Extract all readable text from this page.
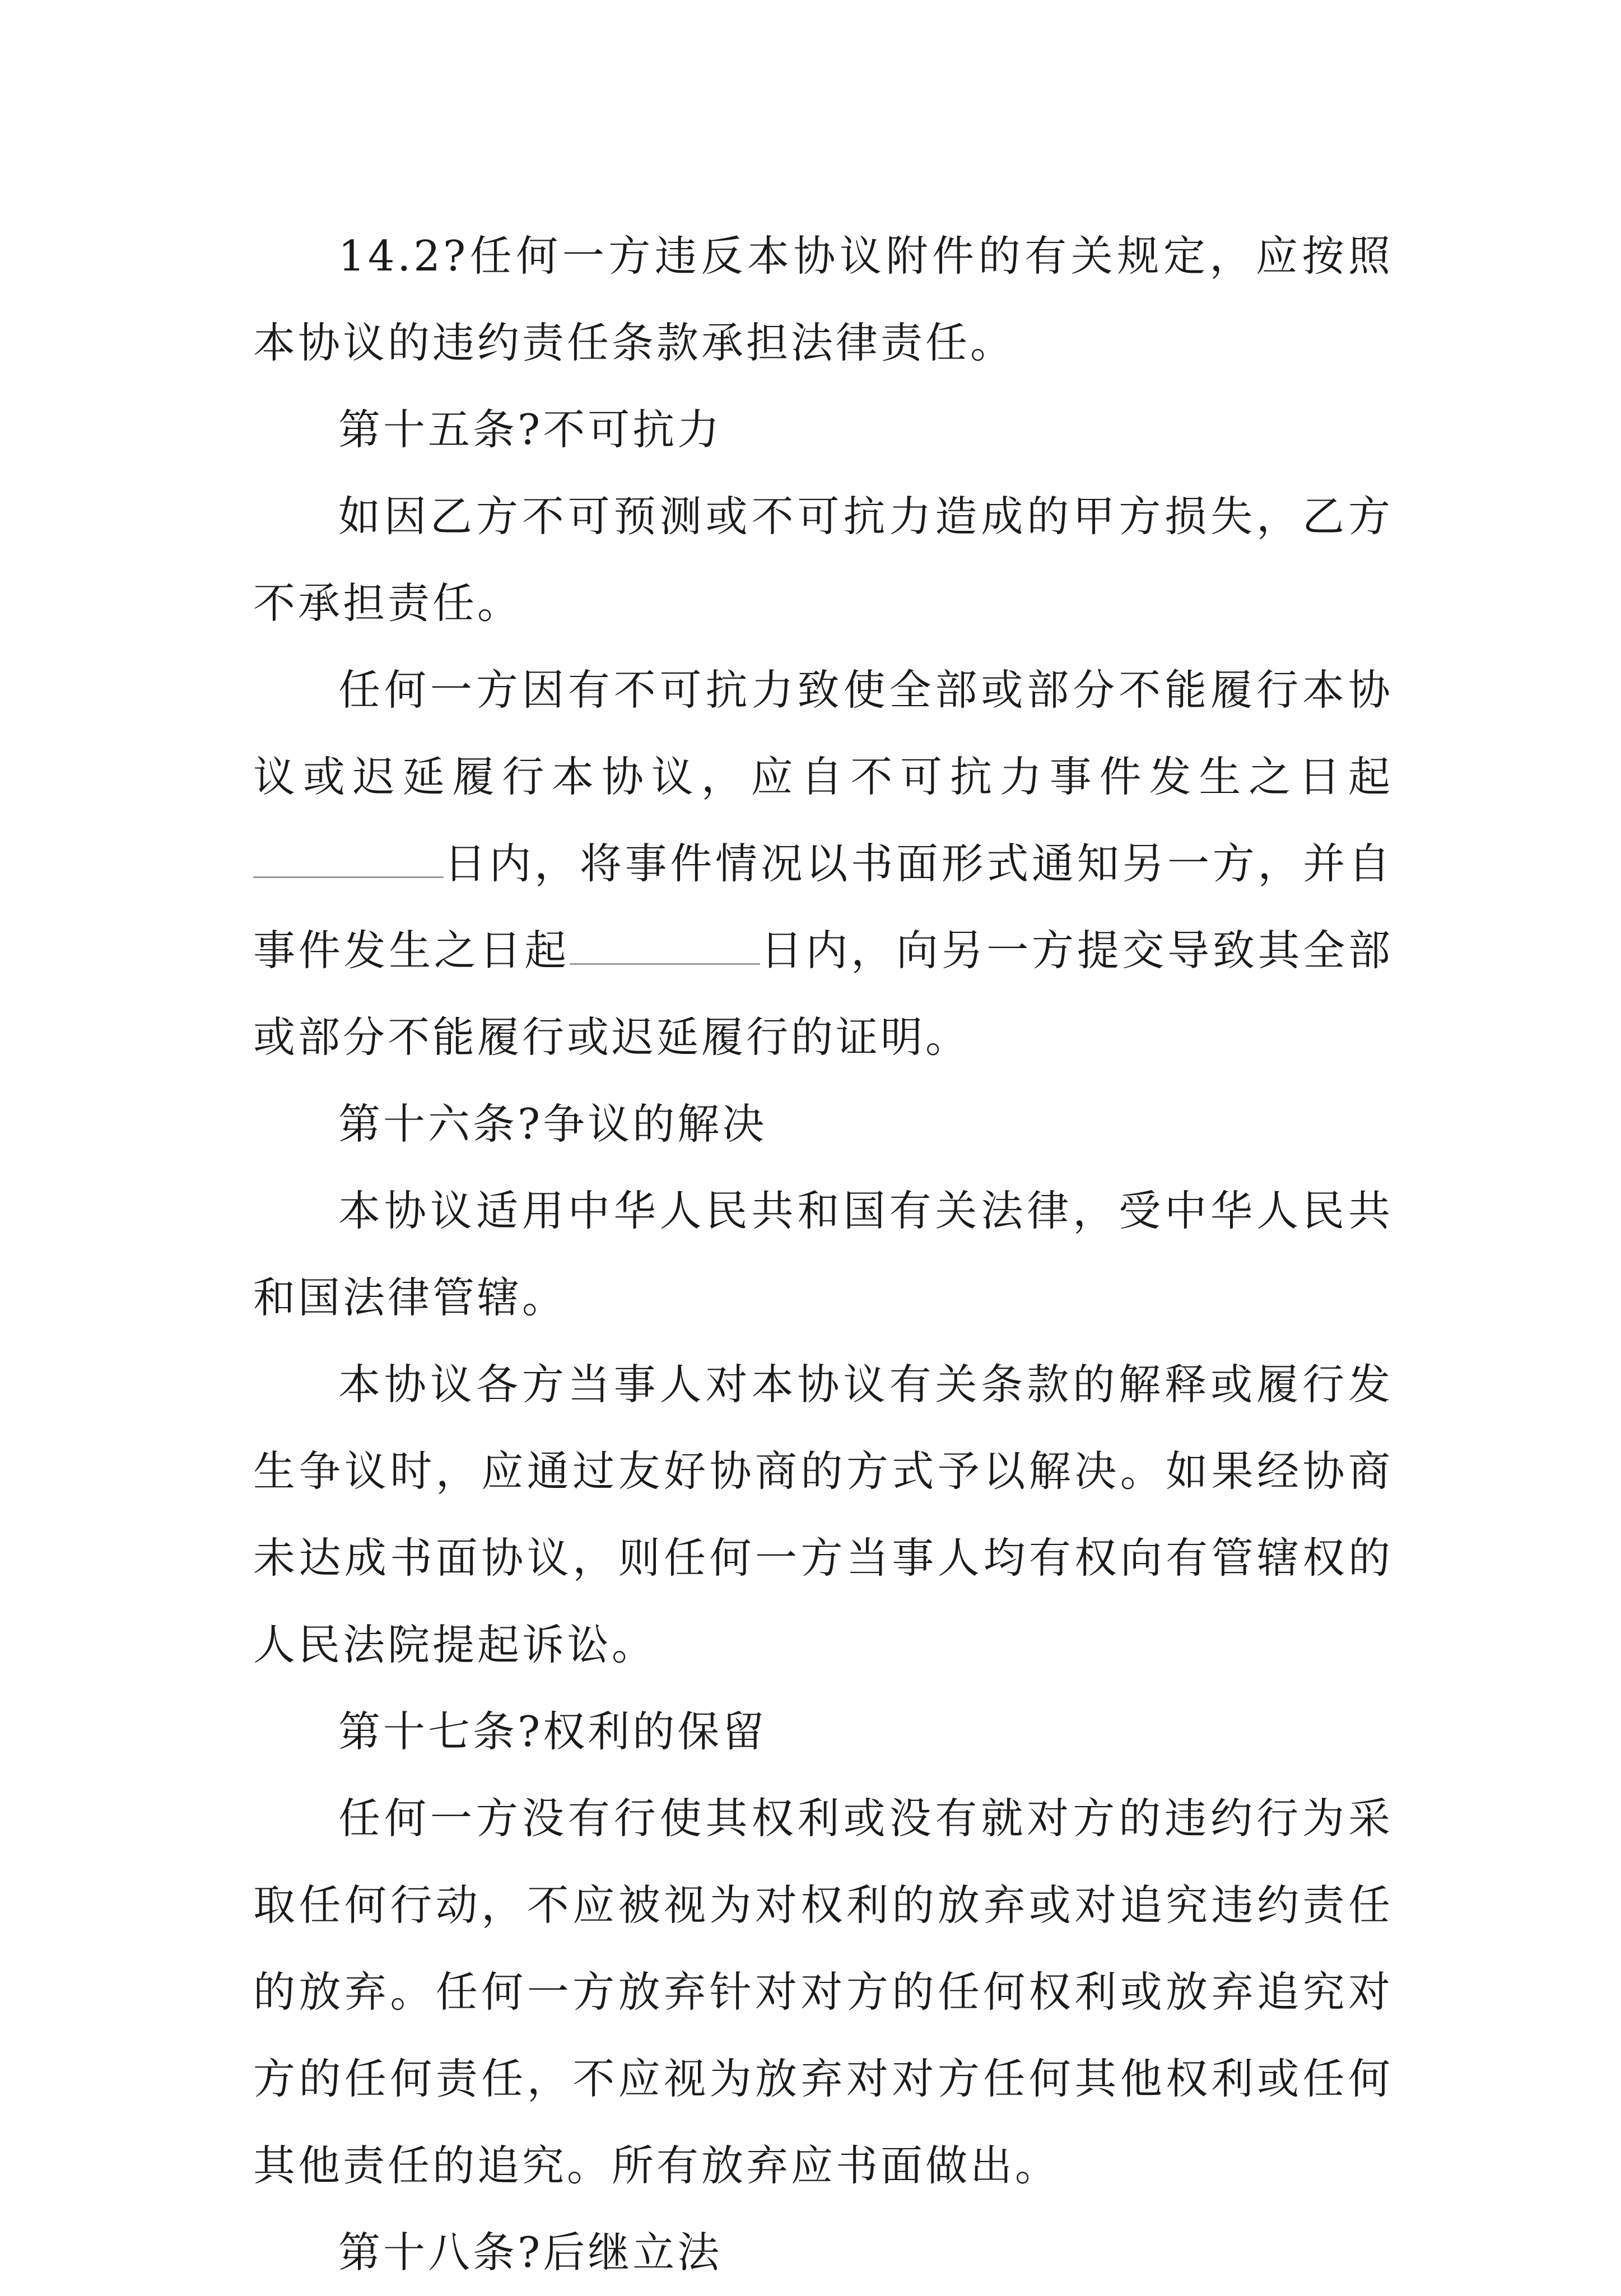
14.2?任何一方违反本协议附件的有关规定，应按照本协议的违约责任条款承担法律责任。

第十五条?不可抗力

如因乙方不可预测或不可抗力造成的甲方损失，乙方不承担责任。

任何一方因有不可抗力致使全部或部分不能履行本协议或迟延履行本协议，应自不可抗力事件发生之日起日内，将事件情况以书面形式通知另一方，并自事件发生之日起	日内，向另一方提交导致其全部或部分不能履行或迟延履行的证明。

第十六条?争议的解决

本协议适用中华人民共和国有关法律，受中华人民共和国法律管辖。

本协议各方当事人对本协议有关条款的解释或履行发生争议时，应通过友好协商的方式予以解决。如果经协商未达成书面协议，则任何一方当事人均有权向有管辖权的人民法院提起诉讼。

第十七条?权利的保留

任何一方没有行使其权利或没有就对方的违约行为采取任何行动，不应被视为对权利的放弃或对追究违约责任的放弃。任何一方放弃针对对方的任何权利或放弃追究对方的任何责任，不应视为放弃对对方任何其他权利或任何其他责任的追究。所有放弃应书面做出。

第十八条?后继立法
